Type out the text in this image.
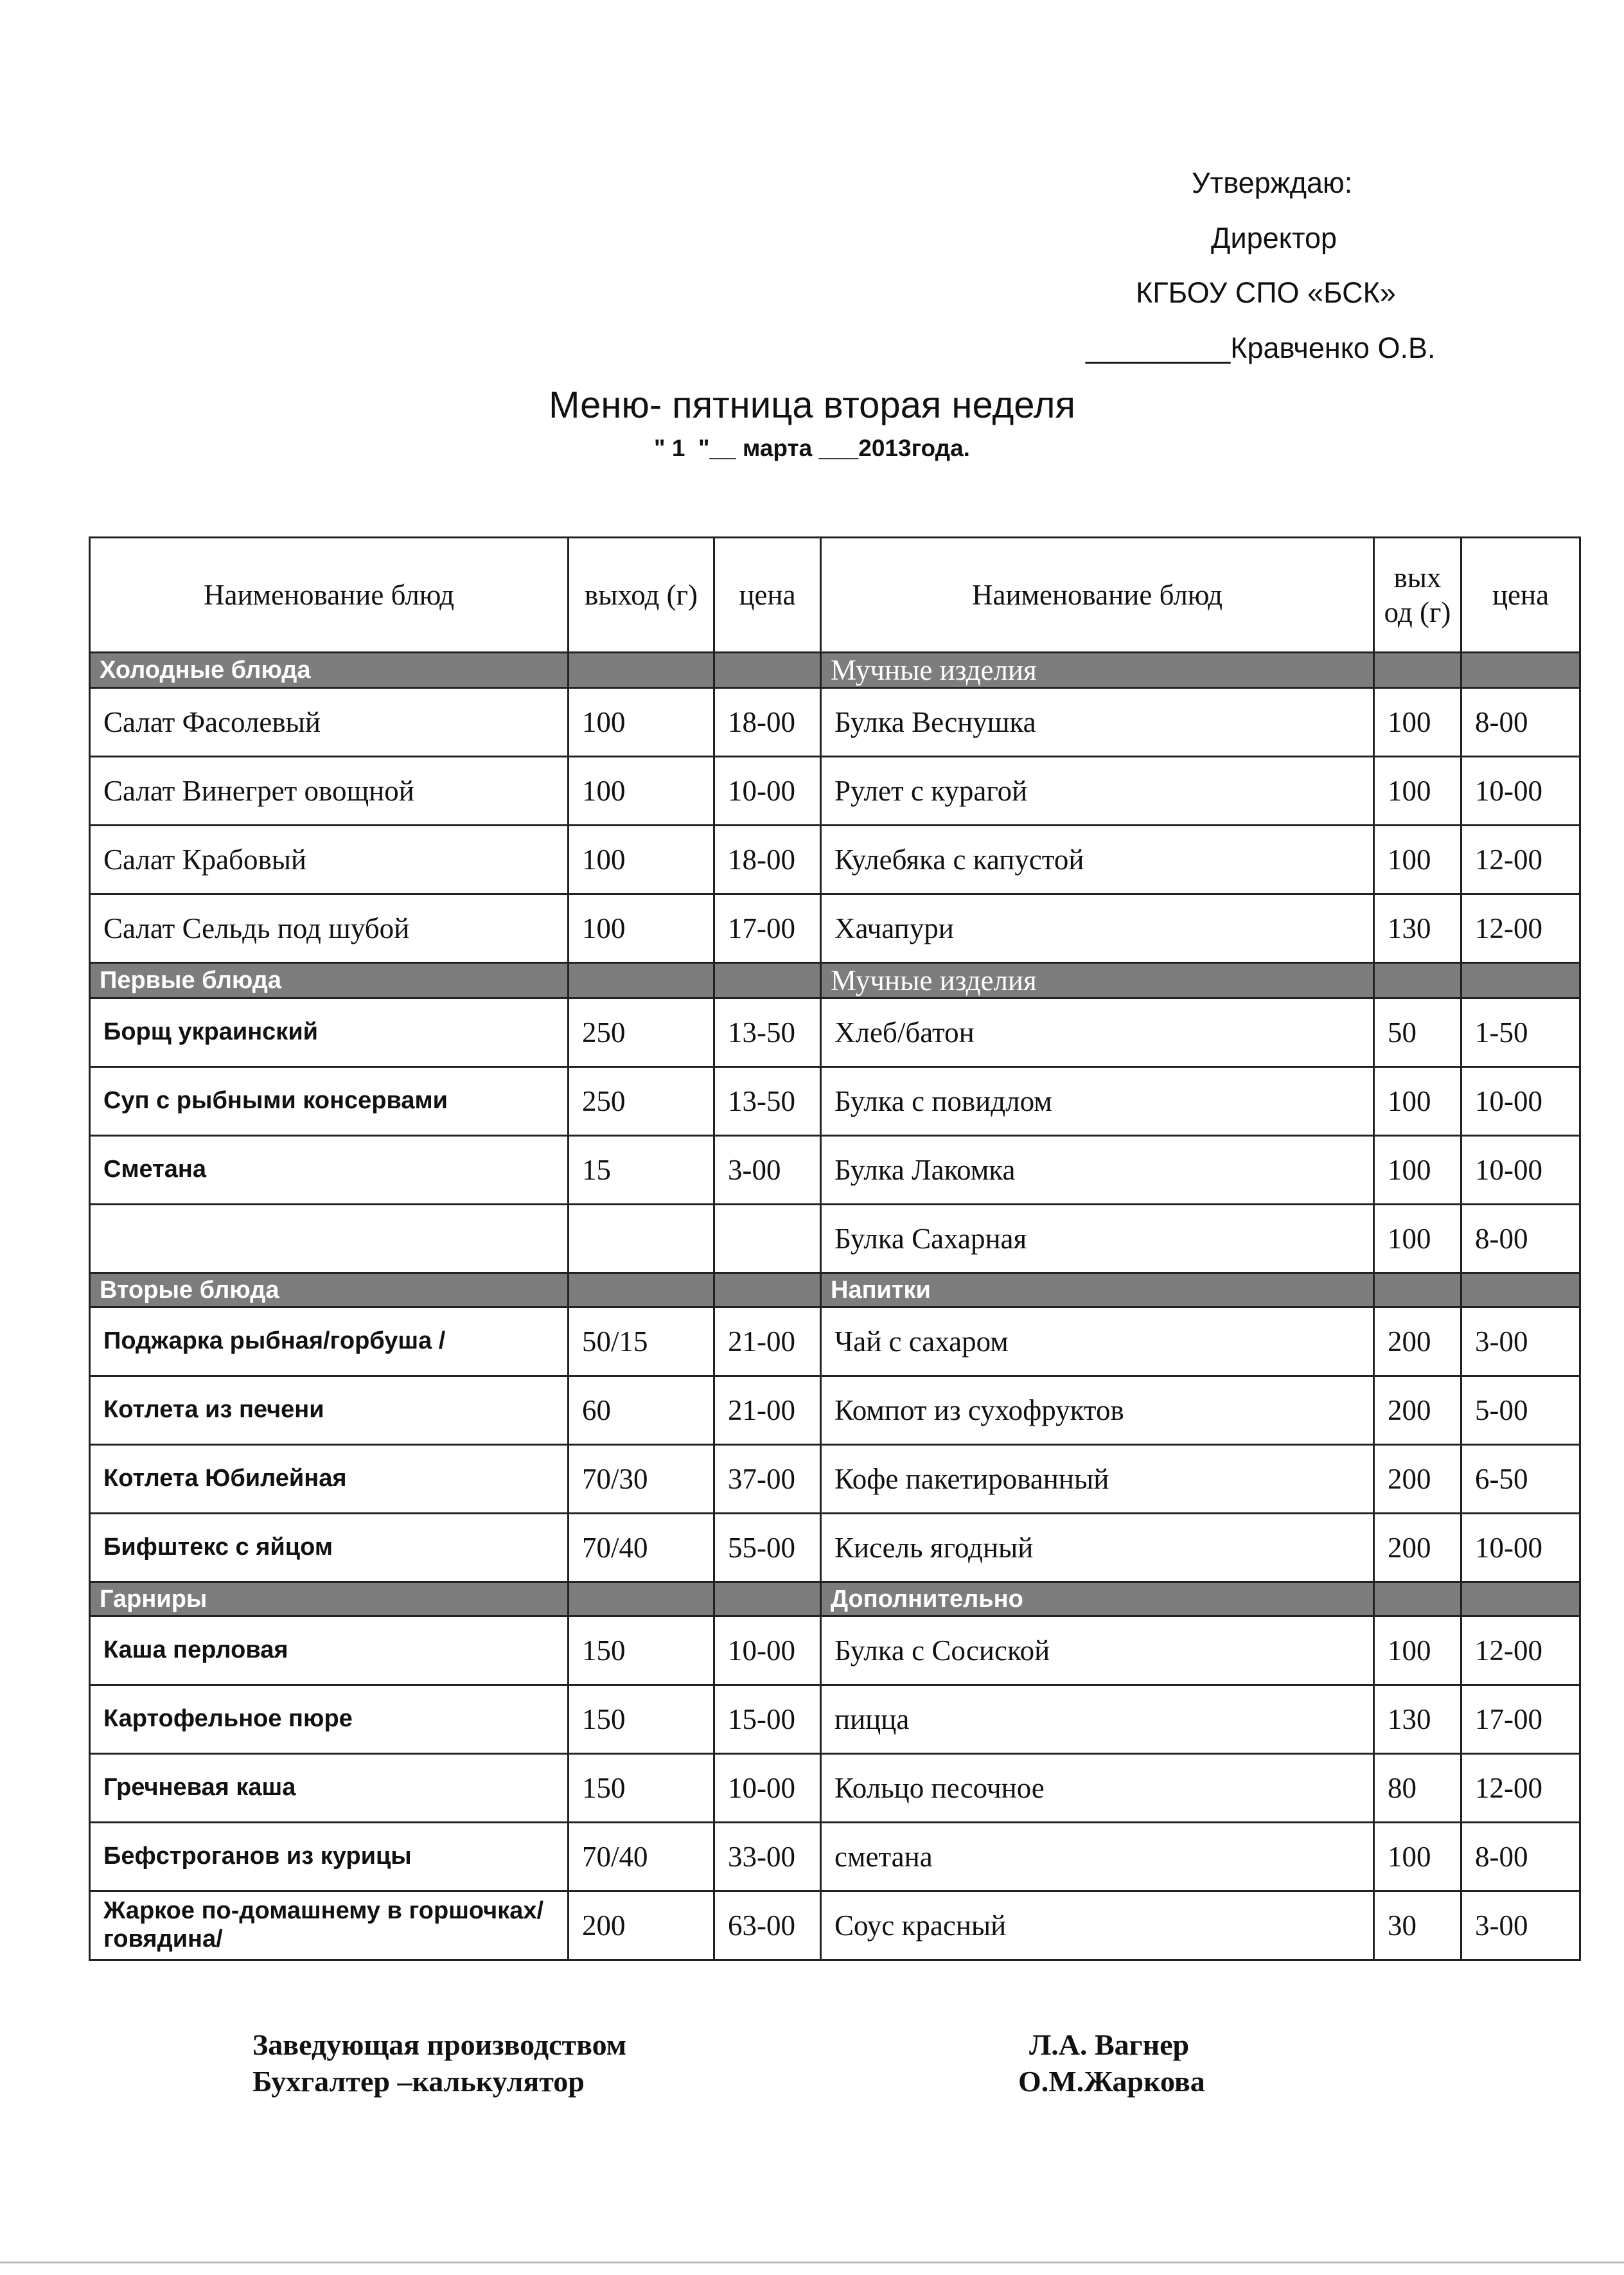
Утверждаю:
Директор
КГБОУ СПО «БСК»
_________Кравченко О.В.
Меню- пятница вторая неделя
" 1  "__ марта ___2013года.
Наименование блюд	выход (г)	цена	Наименование блюд	вых од (г)	цена
Холодные блюда			Мучные изделия		
Салат Фасолевый	100	18-00	Булка Веснушка	100	8-00
Салат Винегрет овощной	100	10-00	Рулет с курагой	100	10-00
Салат Крабовый	100	18-00	Кулебяка с капустой	100	12-00
Салат Сельдь под шубой	100	17-00	Хачапури	130	12-00
Первые блюда			Мучные изделия		
Борщ украинский	250	13-50	Хлеб/батон	50	1-50
Суп с рыбными консервами	250	13-50	Булка с повидлом	100	10-00
Сметана	15	3-00	Булка Лакомка	100	10-00
			Булка Сахарная	100	8-00
Вторые блюда			Напитки		
Поджарка рыбная/горбуша /	50/15	21-00	Чай с сахаром	200	3-00
Котлета из печени	60	21-00	Компот из сухофруктов	200	5-00
Котлета Юбилейная	70/30	37-00	Кофе пакетированный	200	6-50
Бифштекс с яйцом	70/40	55-00	Кисель ягодный	200	10-00
Гарниры			Дополнительно		
Каша перловая	150	10-00	Булка с Сосиской	100	12-00
Картофельное пюре	150	15-00	пицца	130	17-00
Гречневая каша	150	10-00	Кольцо песочное	80	12-00
Бефстроганов из курицы	70/40	33-00	сметана	100	8-00
Жаркое по-домашнему в горшочках/говядина/	200	63-00	Соус красный	30	3-00
Заведующая производством	Л.А. Вагнер
Бухгалтер –калькулятор	О.М.Жаркова
